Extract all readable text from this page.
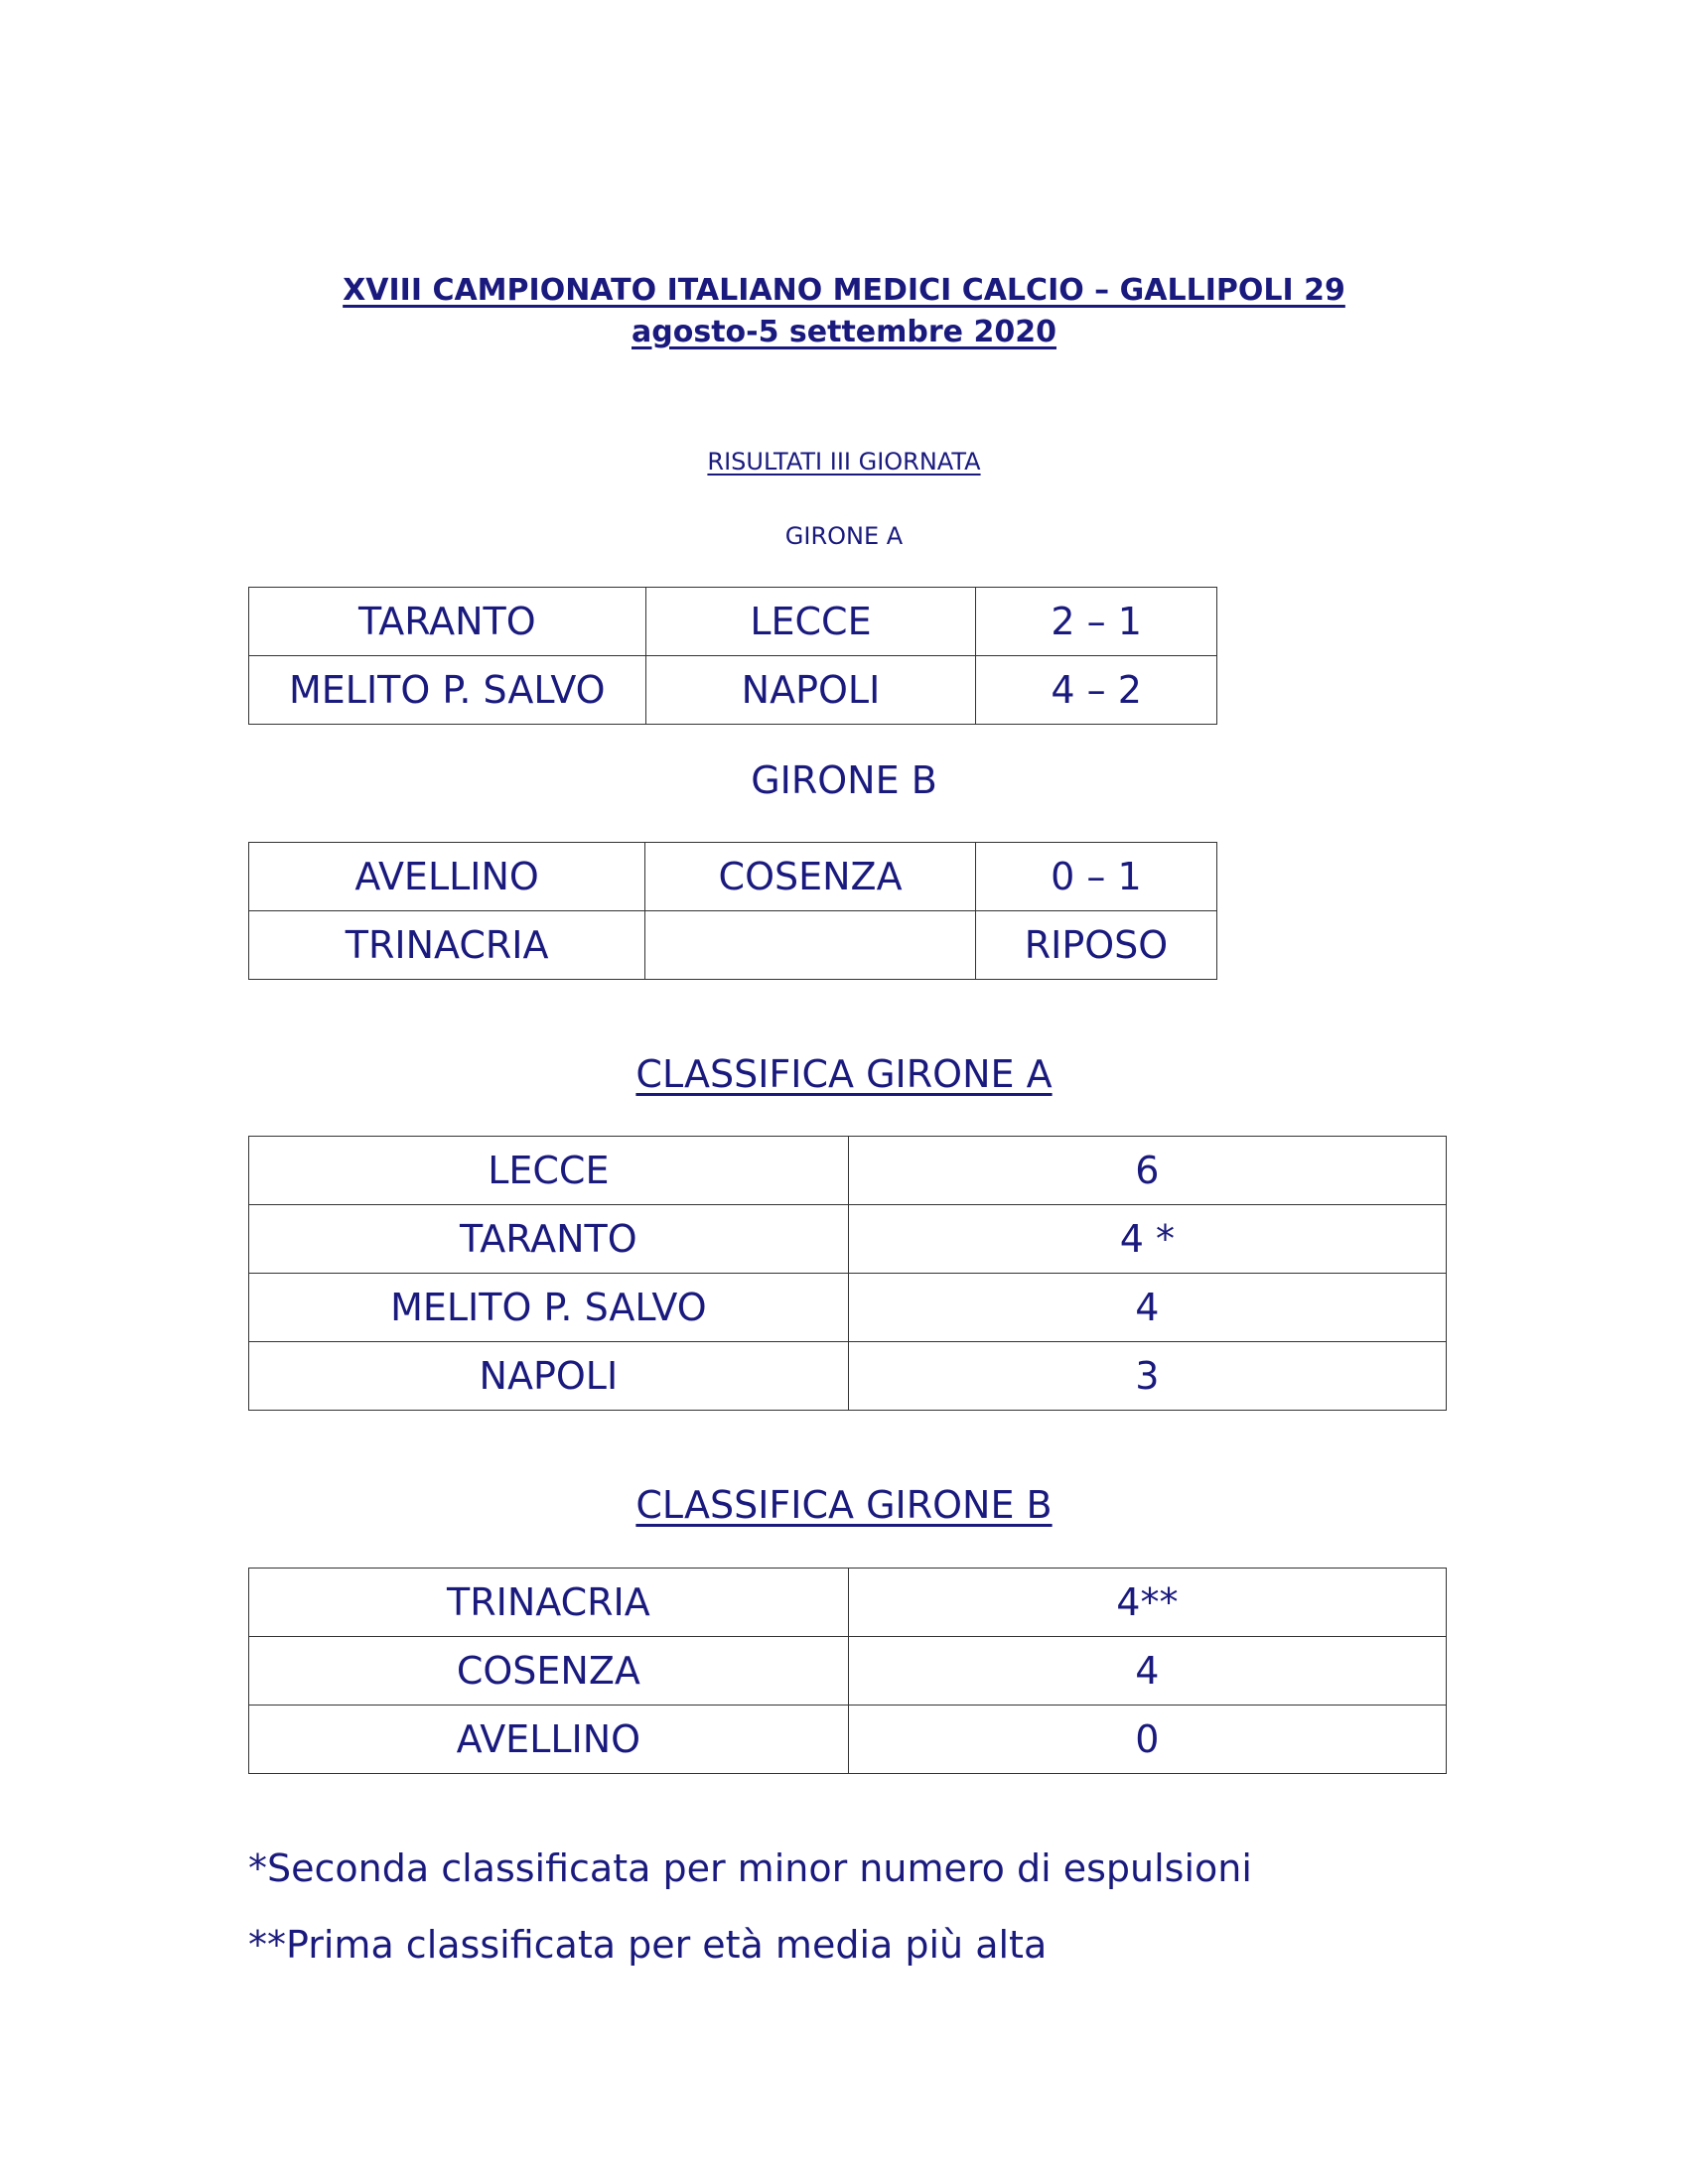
XVIII CAMPIONATO ITALIANO MEDICI CALCIO – GALLIPOLI 29
agosto-5 settembre 2020
RISULTATI III GIORNATA
GIRONE A
TARANTO	LECCE	2 – 1
MELITO P. SALVO	NAPOLI	4 – 2
GIRONE B
AVELLINO	COSENZA	0 – 1
TRINACRIA		RIPOSO
CLASSIFICA GIRONE A
LECCE	6
TARANTO	4 *
MELITO P. SALVO	4
NAPOLI	3
CLASSIFICA GIRONE B
TRINACRIA	4**
COSENZA	4
AVELLINO	0
*Seconda classificata per minor numero di espulsioni
**Prima classificata per età media più alta
